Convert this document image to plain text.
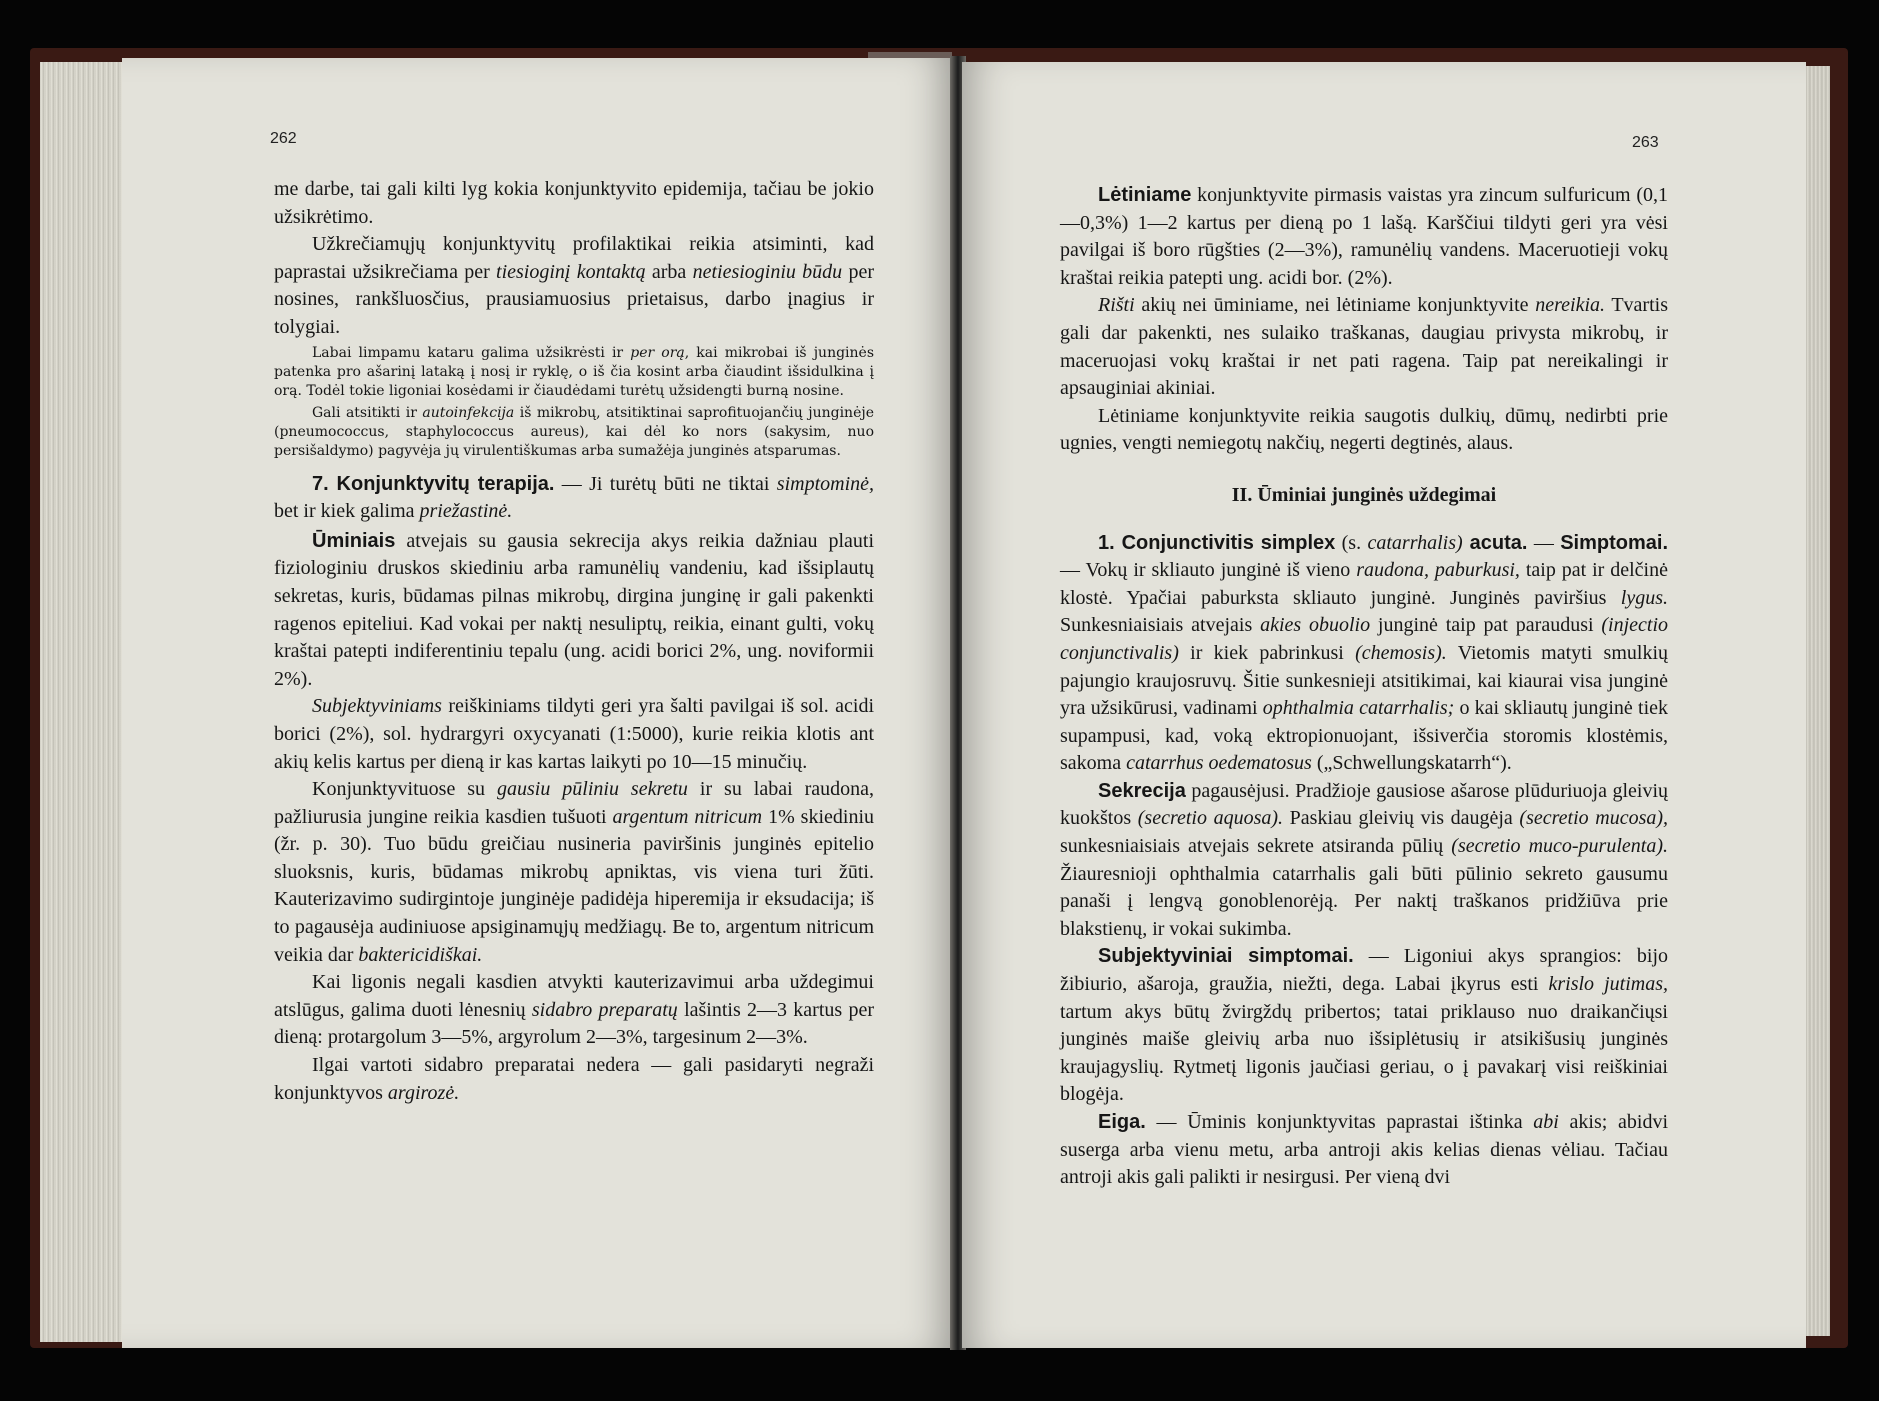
262

me darbe, tai gali kilti lyg kokia konjunktyvito epidemija, tačiau be jokio užsikrėtimo.

Užkrečiamųjų konjunktyvitų profilaktikai reikia atsiminti, kad paprastai užsikrečiama per tiesioginį kontaktą arba netiesioginiu būdu per nosines, rankšluosčius, prausiamuosius prietaisus, darbo įnagius ir tolygiai.

Labai limpamu kataru galima užsikrėsti ir per orą, kai mikrobai iš junginės patenka pro ašarinį lataką į nosį ir ryklę, o iš čia kosint arba čiaudint išsidulkina į orą. Todėl tokie ligoniai kosėdami ir čiaudėdami turėtų užsidengti burną nosine.

Gali atsitikti ir autoinfekcija iš mikrobų, atsitiktinai saprofituojančių junginėje (pneumococcus, staphylococcus aureus), kai dėl ko nors (sakysim, nuo persišaldymo) pagyvėja jų virulentiškumas arba sumažėja junginės atsparumas.

7. Konjunktyvitų terapija. — Ji turėtų būti ne tiktai simptominė, bet ir kiek galima priežastinė.

Ūminiais atvejais su gausia sekrecija akys reikia dažniau plauti fiziologiniu druskos skiediniu arba ramunėlių vandeniu, kad išsiplautų sekretas, kuris, būdamas pilnas mikrobų, dirgina junginę ir gali pakenkti ragenos epiteliui. Kad vokai per naktį nesuliptų, reikia, einant gulti, vokų kraštai patepti indiferentiniu tepalu (ung. acidi borici 2%, ung. noviformii 2%).

Subjektyviniams reiškiniams tildyti geri yra šalti pavilgai iš sol. acidi borici (2%), sol. hydrargyri oxycyanati (1:5000), kurie reikia klotis ant akių kelis kartus per dieną ir kas kartas laikyti po 10—15 minučių.

Konjunktyvituose su gausiu pūliniu sekretu ir su labai raudona, pažliurusia jungine reikia kasdien tušuoti argentum nitricum 1% skiediniu (žr. p. 30). Tuo būdu greičiau nusineria paviršinis junginės epitelio sluoksnis, kuris, būdamas mikrobų apniktas, vis viena turi žūti. Kauterizavimo sudirgintoje junginėje padidėja hiperemija ir eksudacija; iš to pagausėja audiniuose apsiginamųjų medžiagų. Be to, argentum nitricum veikia dar baktericidiškai.

Kai ligonis negali kasdien atvykti kauterizavimui arba uždegimui atslūgus, galima duoti lėnesnių sidabro preparatų lašintis 2—3 kartus per dieną: protargolum 3—5%, argyrolum 2—3%, targesinum 2—3%.

Ilgai vartoti sidabro preparatai nedera — gali pasidaryti negraži konjunktyvos argirozė.

263

Lėtiniame konjunktyvite pirmasis vaistas yra zincum sulfuricum (0,1—0,3%) 1—2 kartus per dieną po 1 lašą. Karščiui tildyti geri yra vėsi pavilgai iš boro rūgšties (2—3%), ramunėlių vandens. Maceruotieji vokų kraštai reikia patepti ung. acidi bor. (2%).

Rišti akių nei ūminiame, nei lėtiniame konjunktyvite nereikia. Tvartis gali dar pakenkti, nes sulaiko traškanas, daugiau privysta mikrobų, ir maceruojasi vokų kraštai ir net pati ragena. Taip pat nereikalingi ir apsauginiai akiniai.

Lėtiniame konjunktyvite reikia saugotis dulkių, dūmų, nedirbti prie ugnies, vengti nemiegotų nakčių, negerti degtinės, alaus.

II. Ūminiai junginės uždegimai

1. Conjunctivitis simplex (s. catarrhalis) acuta. — Simptomai.— Vokų ir skliauto junginė iš vieno raudona, paburkusi, taip pat ir delčinė klostė. Ypačiai paburksta skliauto junginė. Junginės paviršius lygus. Sunkesniaisiais atvejais akies obuolio junginė taip pat paraudusi (injectio conjunctivalis) ir kiek pabrinkusi (chemosis). Vietomis matyti smulkių pajungio kraujosruvų. Šitie sunkesnieji atsitikimai, kai kiaurai visa junginė yra užsikūrusi, vadinami ophthalmia catarrhalis; o kai skliautų junginė tiek supampusi, kad, voką ektropionuojant, išsiverčia storomis klostėmis, sakoma catarrhus oedematosus („Schwellungskatarrh“).

Sekrecija pagausėjusi. Pradžioje gausiose ašarose plūduriuoja gleivių kuokštos (secretio aquosa). Paskiau gleivių vis daugėja (secretio mucosa), sunkesniaisiais atvejais sekrete atsiranda pūlių (secretio muco-purulenta). Žiauresnioji ophthalmia catarrhalis gali būti pūlinio sekreto gausumu panaši į lengvą gonoblenorėją. Per naktį traškanos pridžiūva prie blakstienų, ir vokai sukimba.

Subjektyviniai simptomai. — Ligoniui akys sprangios: bijo žibiurio, ašaroja, graužia, niežti, dega. Labai įkyrus esti krislo jutimas, tartum akys būtų žvirgždų pribertos; tatai priklauso nuo draikančiųsi junginės maiše gleivių arba nuo išsiplėtusių ir atsikišusių junginės kraujagyslių. Rytmetį ligonis jaučiasi geriau, o į pavakarį visi reiškiniai blogėja.

Eiga. — Ūminis konjunktyvitas paprastai ištinka abi akis; abidvi suserga arba vienu metu, arba antroji akis kelias dienas vėliau. Tačiau antroji akis gali palikti ir nesirgusi. Per vieną dvi
